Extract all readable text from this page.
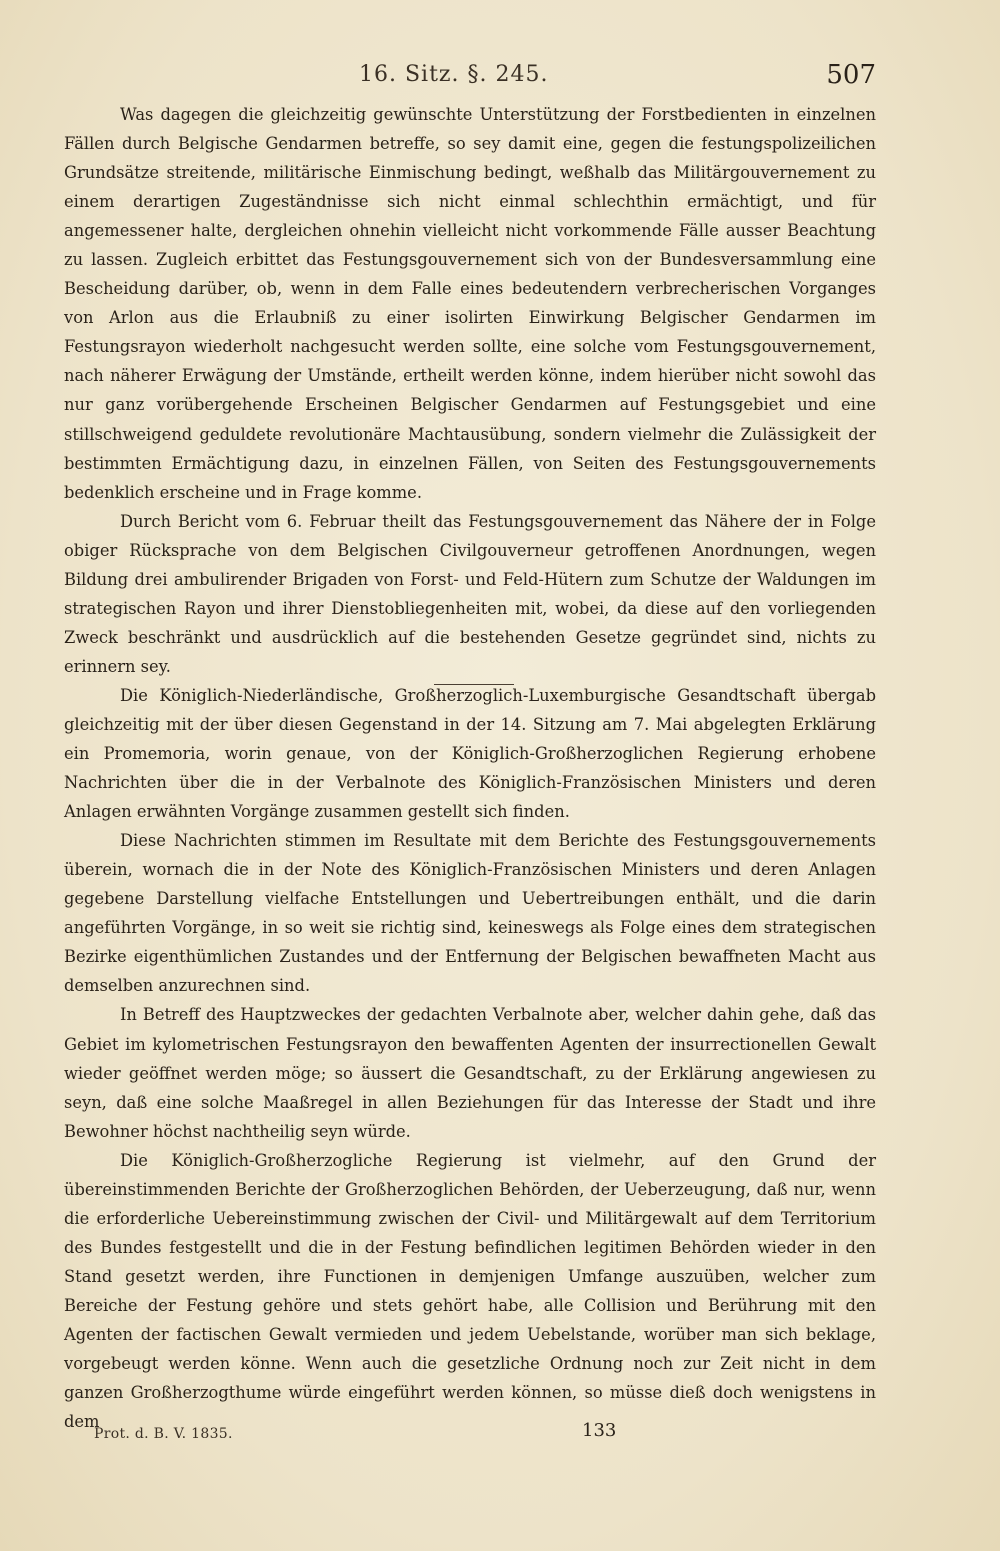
16. Sitz. §. 245.	507

Was dagegen die gleichzeitig gewünschte Unterstützung der Forstbedienten in einzelnen Fällen durch Belgische Gendarmen betreffe, so sey damit eine, gegen die festungspolizeilichen Grundsätze streitende, militärische Einmischung bedingt, weßhalb das Militärgouvernement zu einem derartigen Zugeständnisse sich nicht einmal schlechthin ermächtigt, und für angemessener halte, dergleichen ohnehin vielleicht nicht vorkommende Fälle ausser Beachtung zu lassen. Zugleich erbittet das Festungsgouvernement sich von der Bundesversammlung eine Bescheidung darüber, ob, wenn in dem Falle eines bedeutendern verbrecherischen Vorganges von Arlon aus die Erlaubniß zu einer isolirten Einwirkung Belgischer Gendarmen im Festungsrayon wiederholt nachgesucht werden sollte, eine solche vom Festungsgouvernement, nach näherer Erwägung der Umstände, ertheilt werden könne, indem hierüber nicht sowohl das nur ganz vorübergehende Erscheinen Belgischer Gendarmen auf Festungsgebiet und eine stillschweigend geduldete revolutionäre Machtausübung, sondern vielmehr die Zulässigkeit der bestimmten Ermächtigung dazu, in einzelnen Fällen, von Seiten des Festungsgouvernements bedenklich erscheine und in Frage komme.

Durch Bericht vom 6. Februar theilt das Festungsgouvernement das Nähere der in Folge obiger Rücksprache von dem Belgischen Civilgouverneur getroffenen Anordnungen, wegen Bildung drei ambulirender Brigaden von Forst- und Feld-Hütern zum Schutze der Waldungen im strategischen Rayon und ihrer Dienstobliegenheiten mit, wobei, da diese auf den vorliegenden Zweck beschränkt und ausdrücklich auf die bestehenden Gesetze gegründet sind, nichts zu erinnern sey.

Die Königlich-Niederländische, Großherzoglich-Luxemburgische Gesandtschaft übergab gleichzeitig mit der über diesen Gegenstand in der 14. Sitzung am 7. Mai abgelegten Erklärung ein Promemoria, worin genaue, von der Königlich-Großherzoglichen Regierung erhobene Nachrichten über die in der Verbalnote des Königlich-Französischen Ministers und deren Anlagen erwähnten Vorgänge zusammen gestellt sich finden.

Diese Nachrichten stimmen im Resultate mit dem Berichte des Festungsgouvernements überein, wornach die in der Note des Königlich-Französischen Ministers und deren Anlagen gegebene Darstellung vielfache Entstellungen und Uebertreibungen enthält, und die darin angeführten Vorgänge, in so weit sie richtig sind, keineswegs als Folge eines dem strategischen Bezirke eigenthümlichen Zustandes und der Entfernung der Belgischen bewaffneten Macht aus demselben anzurechnen sind.

In Betreff des Hauptzweckes der gedachten Verbalnote aber, welcher dahin gehe, daß das Gebiet im kylometrischen Festungsrayon den bewaffenten Agenten der insurrectionellen Gewalt wieder geöffnet werden möge; so äussert die Gesandtschaft, zu der Erklärung angewiesen zu seyn, daß eine solche Maaßregel in allen Beziehungen für das Interesse der Stadt und ihre Bewohner höchst nachtheilig seyn würde.

Die Königlich-Großherzogliche Regierung ist vielmehr, auf den Grund der übereinstimmenden Berichte der Großherzoglichen Behörden, der Ueberzeugung, daß nur, wenn die erforderliche Uebereinstimmung zwischen der Civil- und Militärgewalt auf dem Territorium des Bundes festgestellt und die in der Festung befindlichen legitimen Behörden wieder in den Stand gesetzt werden, ihre Functionen in demjenigen Umfange auszuüben, welcher zum Bereiche der Festung gehöre und stets gehört habe, alle Collision und Berührung mit den Agenten der factischen Gewalt vermieden und jedem Uebelstande, worüber man sich beklage, vorgebeugt werden könne. Wenn auch die gesetzliche Ordnung noch zur Zeit nicht in dem ganzen Großherzogthume würde eingeführt werden können, so müsse dieß doch wenigstens in dem

Prot. d. B. V. 1835.	133
